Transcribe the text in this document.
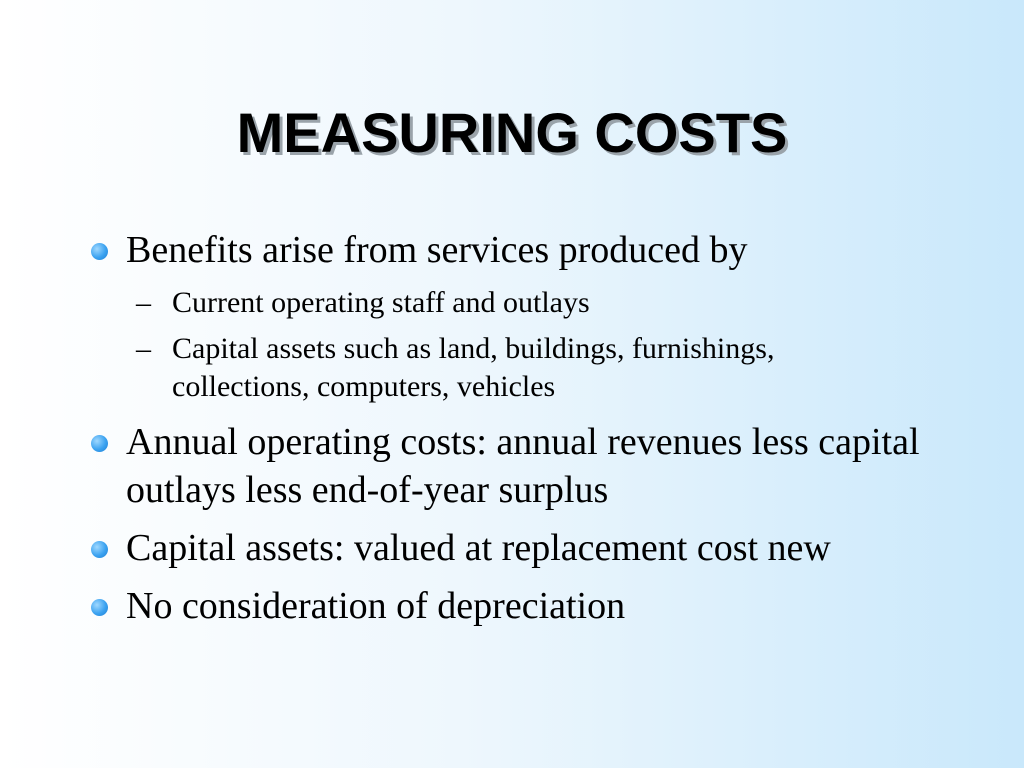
MEASURING COSTS
Benefits arise from services produced by
– Current operating staff and outlays
– Capital assets such as land, buildings, furnishings, collections, computers, vehicles
Annual operating costs: annual revenues less capital outlays less end-of-year surplus
Capital assets: valued at replacement cost new
No consideration of depreciation
